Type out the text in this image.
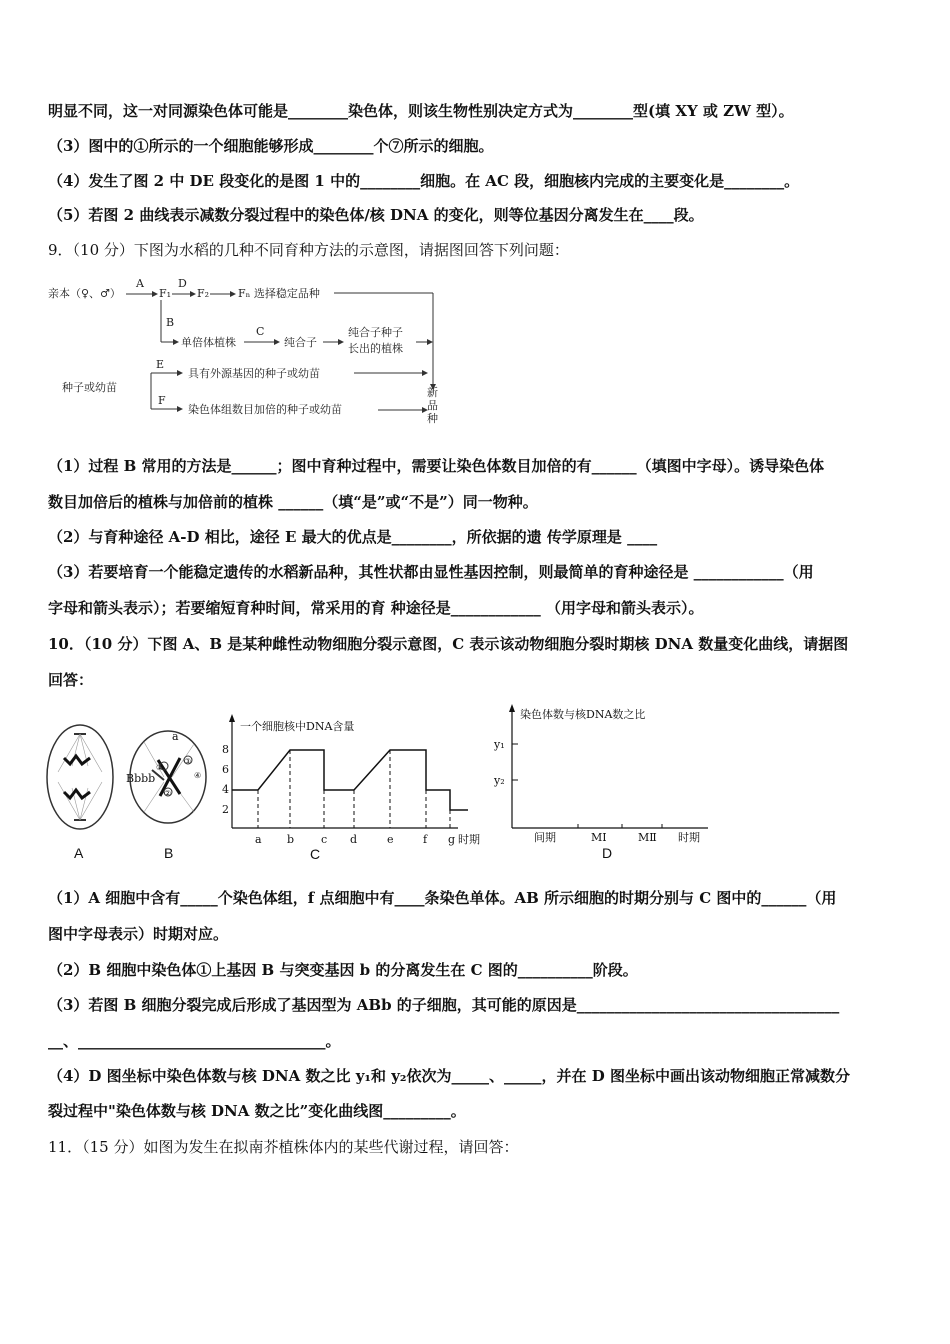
明显不同，这一对同源染色体可能是________染色体，则该生物性别决定方式为________型(填 XY 或 ZW 型）。
（3）图中的①所示的一个细胞能够形成________个⑦所示的细胞。
（4）发生了图 2 中 DE 段变化的是图 1 中的________细胞。在 AC 段，细胞核内完成的主要变化是________。
（5）若图 2 曲线表示减数分裂过程中的染色体/核 DNA 的变化，则等位基因分离发生在____段。
9．（10 分）下图为水稻的几种不同育种方法的示意图，请据图回答下列问题：
亲本（♀、♂）
A
F₁
D
F₂	Fₙ 选择稳定品种
B
单倍体植株
C
纯合子
纯合子种子
长出的植株
种子或幼苗
E
具有外源基因的种子或幼苗
F
染色体组数目加倍的种子或幼苗
新
品
种
（1）过程 B 常用的方法是______；图中育种过程中，需要让染色体数目加倍的有______（填图中字母）。诱导染色体
数目加倍后的植株与加倍前的植株 ______（填“是”或“不是”）同一物种。
（2）与育种途径 A-D 相比，途径 E 最大的优点是________，所依据的遗 传学原理是 ____
（3）若要培育一个能稳定遗传的水稻新品种，其性状都由显性基因控制，则最简单的育种途径是 ____________（用
字母和箭头表示）；若要缩短育种时间，常采用的育 种途径是____________ （用字母和箭头表示）。
10．（10 分）下图 A、B 是某种雌性动物细胞分裂示意图，C 表示该动物细胞分裂时期核 DNA 数量变化曲线，请据图
回答：
A
Bbbb
a
①
②
③
④
B
一个细胞核中DNA含量
8
6
4
2
a b c d	e	f g 时期
C
染色体数与核DNA数之比
y₁
y₂
间期	MⅠ	MⅡ 时期
D
（1）A 细胞中含有_____个染色体组，f 点细胞中有____条染色单体。AB 所示细胞的时期分别与 C 图中的______（用
图中字母表示）时期对应。
（2）B 细胞中染色体①上基因 B 与突变基因 b 的分离发生在 C 图的__________阶段。
（3）若图 B 细胞分裂完成后形成了基因型为 ABb 的子细胞，其可能的原因是___________________________________
__、_________________________________。
（4）D 图坐标中染色体数与核 DNA 数之比 y₁和 y₂依次为_____、_____，并在 D 图坐标中画出该动物细胞正常减数分
裂过程中"染色体数与核 DNA 数之比”变化曲线图_________。
11．（15 分）如图为发生在拟南芥植株体内的某些代谢过程，请回答：
